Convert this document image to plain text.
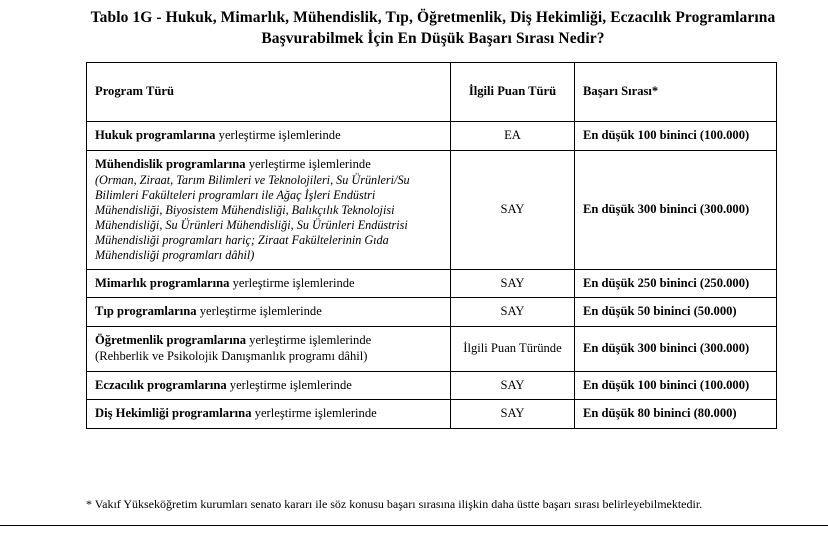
Tablo 1G - Hukuk, Mimarlık, Mühendislik, Tıp, Öğretmenlik, Diş Hekimliği, Eczacılık Programlarına Başvurabilmek İçin En Düşük Başarı Sırası Nedir?
Program Türü	İlgili Puan Türü	Başarı Sırası*
Hukuk programlarına yerleştirme işlemlerinde	EA	En düşük 100 bininci (100.000)
Mühendislik programlarına yerleştirme işlemlerinde
(Orman, Ziraat, Tarım Bilimleri ve Teknolojileri, Su Ürünleri/Su Bilimleri Fakülteleri programları ile Ağaç İşleri Endüstri Mühendisliği, Biyosistem Mühendisliği, Balıkçılık Teknolojisi Mühendisliği, Su Ürünleri Mühendisliği, Su Ürünleri Endüstrisi Mühendisliği programları hariç; Ziraat Fakültelerinin Gıda Mühendisliği programları dâhil)	SAY	En düşük 300 bininci (300.000)
Mimarlık programlarına yerleştirme işlemlerinde	SAY	En düşük 250 bininci (250.000)
Tıp programlarına yerleştirme işlemlerinde	SAY	En düşük 50 bininci (50.000)
Öğretmenlik programlarına yerleştirme işlemlerinde
(Rehberlik ve Psikolojik Danışmanlık programı dâhil)	İlgili Puan Türünde	En düşük 300 bininci (300.000)
Eczacılık programlarına yerleştirme işlemlerinde	SAY	En düşük 100 bininci (100.000)
Diş Hekimliği programlarına yerleştirme işlemlerinde	SAY	En düşük 80 bininci (80.000)
* Vakıf Yükseköğretim kurumları senato kararı ile söz konusu başarı sırasına ilişkin daha üstte başarı sırası belirleyebilmektedir.
